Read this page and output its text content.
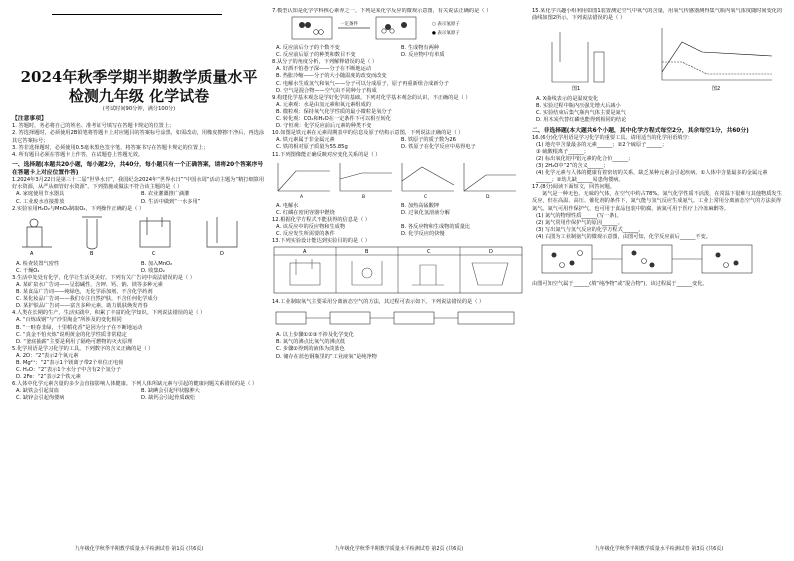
2024年秋季学期半期教学质量水平
检测九年级 化学试卷
(考试时间90分钟，满分100分)
【注意事项】
1. 答题时，务必将自己的姓名、准考证号填写在答题卡规定的位置上；
2. 答选择题时，必须使用2B铅笔将答题卡上对应题目的答案标号涂黑，如需改动，用橡皮擦擦干净后，再选涂其它答案标号；
3. 答非选择题时，必须使用0.5毫米黑色签字笔，将答案书写在答题卡规定的位置上；
4. 所有题目必须在答题卡上作答，在试题卷上答题无效。
一、选择题(本题共20小题，每小题2分，共40分，每小题只有一个正确答案，请将20个答案序号在答题卡上对应位置作答)
1.2024年3月22日是第三十二届“世界水日”，我国纪念2024年“世界水日”“中国水周”活动主题为“精打细算用好水资源，从严从细管好水资源”。下列措施或做法不符合该主题的是（ ）
A. 家庭使用节水器具	B. 农业灌溉推广滴灌
C. 工业废水直接排放	D. 生活中做到“一水多用”
2.实验室用H₂O₂与MnO₂制取O₂，下列操作正确的是（ ）
A	B	C	D
A. 检查装置气密性	B. 加入MnO₂
C. 干燥O₂	D. 收集O₂
3.生活中处处有化学，化学让生活更美好。下列有关广告词中说法错误的是（ ）
A. 某矿泉水广告词——呈弱碱性，含钾、钙、钠、镁等多种元素
B. 某食品广告词——纯绿色，无化学添加剂，不含化学药剂
C. 某化妆品广告词——我们专注自然护肤，不含任何化学成分
D. 某护肤品广告词——富含多种元素，助力肌肤焕发青春
4.人类在长期的生产、生活实践中，积累了丰富的化学知识。下列说法错误的是（ ）
A. “百炼成钢”与“沙里淘金”所涉及的变化相同
B. “一畦春韭绿，十里稻花香”是因为分子在不断地运动
C. “真金不怕火炼”说明黄金的化学性质非常稳定
D. “釜底抽薪”主要是利用了隔绝可燃物的灭火原理
5.化学用语是学习化学的工具。下列数字的含义正确的是（ ）
A. 2O：“2”表示2个氧元素
B. Mg²⁺：“2”表示1个镁离子带2个单位正电荷
C. H₂O：“2”表示1个水分子中含有2个氢分子
D. 2Fe：“2”表示2个铁元素
6.人体中化学元素含量的多少会直接影响人体健康。下列人体所缺元素与引起的健康问题关系错误的是（ ）
A. 缺铁会引起贫血	B. 缺碘会引起甲状腺肿大
C. 缺锌会引起佝偻病	D. 缺钙会引起骨质疏松
九年级化学秋季半期教学质量水平检测试卷 第1页 (共6页)
7.模型认知是化学学科核心素养之一。下列是某化学反应的微观示意图，有关说法正确的是（ ）
一定条件	○ 表示氢原子
● 表示氧原子
A. 反应前后分子的个数不变	B. 生成物有两种
C. 反应前后原子的种类和数目不变	D. 反应物中有单质
8.从分子的角度分析，下列解释错误的是（ ）
A. 好酒不怕巷子深——分子在不断地运动
B. 热胀冷缩——分子的大小随温度的改变而改变
C. 电解水生成氢气和氧气——分子可以分成原子，原子再重新组合成新分子
D. 空气是混合物——空气由不同种分子构成
9.构建化学基本观念是学好化学的基础。下列对化学基本观念的认识，不正确的是（ ）
A. 元素观：水是由氢元素和氧元素组成的
B. 微粒观：保持氧气化学性质的最小微粒是氧分子
C. 转化观：CO₂和H₂O在一定条件下可以相互转化
D. 守恒观：化学反应前后元素的种类不变
10.如图是铁元素在元素周期表中的信息及原子结构示意图，下列说法正确的是（ ）
A. 铁元素属于非金属元素	B. 铁原子的质子数为26
C. 铁的相对原子质量为55.85g	D. 铁原子在化学反应中易得电子
11.下列图像能正确反映对应变化关系的是（ ）
A	B	C	D
A. 电解水	B. 加热高锰酸钾
C. 红磷在密闭容器中燃烧	D. 过氧化氢溶液分解
12.根据化学方程式不能获得的信息是（ ）
A. 该反应中的反应物和生成物	B. 各反应物和生成物的质量比
C. 反应发生所需要的条件	D. 化学反应的快慢
13.下列实验设计能达到实验目的的是（ ）
A	B	C	D
14.工业制取氧气主要采用分离液态空气的方法，其过程可表示如下。下列说法错误的是（ ）
A. 以上步骤①②③不涉及化学变化
B. 氮气的沸点比氧气的沸点低
C. 步骤②得到的液体为淡蓝色
D. 储存在蓝色钢瓶里的“工业液氧”是纯净物
九年级化学秋季半期教学质量水平检测试卷 第2页 (共6页)
15.某化学兴趣小组利用如图1装置测定空气中氧气的含量，用氧气传感器测得集气瓶内氧气浓度随时间变化的曲线如图2所示。下列说法错误的是（ ）
图1	图2
A. X曲线表示的是温度变化
B. 实验过程中瓶内压强先增大后减小
C. 实验结束后集气瓶内气体主要是氮气
D. 用木炭代替红磷也能得到相同的结论
二、非选择题(本大题共6个小题，其中化学方程式每空2分，其余每空1分，共60分)
16.(6分)化学用语是学习化学的重要工具。请用适当的化学用语填空：
(1) 地壳中含量最多的元素______；②2个硫原子______；
③ 硫酸根离子______；
(2) 标出氧化铝中铝元素的化合价______；
(3) 2H₂O中“2”的含义______；
(4) 化学元素与人体的健康有着密切的关系，缺乏某种元素会引起疾病。①人体中含量最多的金属元素______；②幼儿缺______易患佝偻病。
17.(8分)阅读下面短文，回答问题。
氮气是一种无色、无味的气体，在空气中约占78%。氮气化学性质不活泼，在常温下很难与其他物质发生反应，但在高温、高压、催化剂的条件下，氮气能与氢气反应生成氨气。工业上常用分离液态空气的方法获得氮气。氮气可用作保护气，也可用于食品包装中防腐。液氮可用于医疗上冷冻麻醉等。
(1) 氮气的物理性质______(写一条)。
(2) 氮气常用作保护气的原因______。
(3) 写出氮气与氢气反应的化学方程式______。
(4) 右图为工业制氨气的微观示意图，由图可知，化学反应前后______不变。
由图可知空气属于______(填“纯净物”或“混合物”)，该过程属于______变化。
九年级化学秋季半期教学质量水平检测试卷 第3页 (共6页)
